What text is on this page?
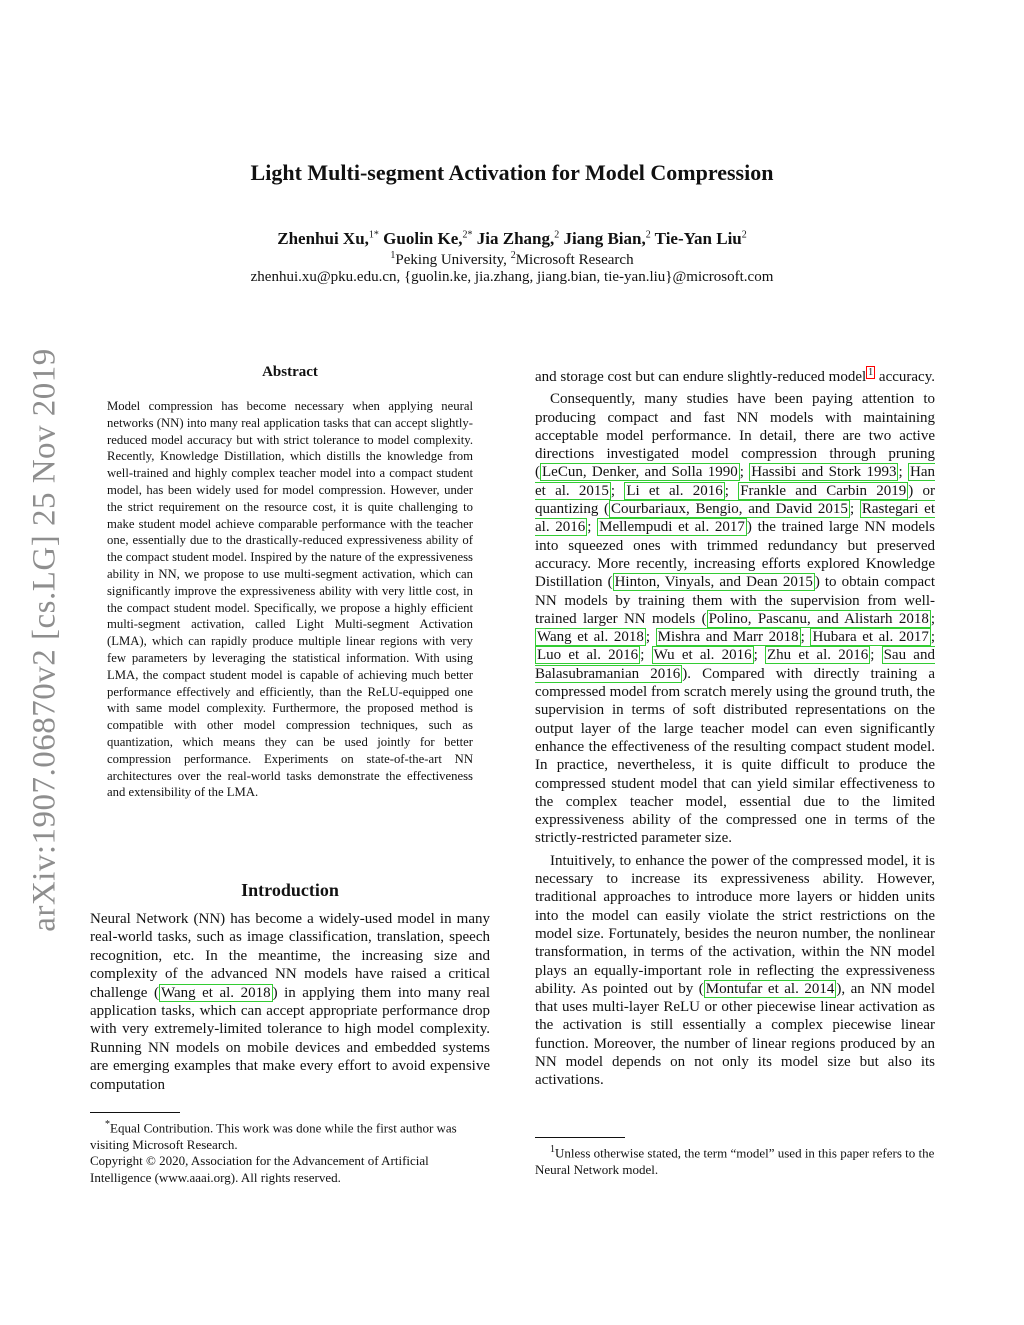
arXiv:1907.06870v2 [cs.LG] 25 Nov 2019
Light Multi-segment Activation for Model Compression
Zhenhui Xu,$^{1*}$ Guolin Ke,$^{2*}$ Jia Zhang,$^2$ Jiang Bian,$^2$ Tie-Yan Liu$^2$
$^1$Peking University, $^2$Microsoft Research
zhenhui.xu@pku.edu.cn, {guolin.ke, jia.zhang, jiang.bian, tie-yan.liu}@microsoft.com
Abstract
Model compression has become necessary when applying neural networks (NN) into many real application tasks that can accept slightly-reduced model accuracy but with strict tolerance to model complexity. Recently, Knowledge Distillation, which distills the knowledge from well-trained and highly complex teacher model into a compact student model, has been widely used for model compression. However, under the strict requirement on the resource cost, it is quite challenging to make student model achieve comparable performance with the teacher one, essentially due to the drastically-reduced expressiveness ability of the compact student model. Inspired by the nature of the expressiveness ability in NN, we propose to use multi-segment activation, which can significantly improve the expressiveness ability with very little cost, in the compact student model. Specifically, we propose a highly efficient multi-segment activation, called Light Multi-segment Activation (LMA), which can rapidly produce multiple linear regions with very few parameters by leveraging the statistical information. With using LMA, the compact student model is capable of achieving much better performance effectively and efficiently, than the ReLU-equipped one with same model complexity. Furthermore, the proposed method is compatible with other model compression techniques, such as quantization, which means they can be used jointly for better compression performance. Experiments on state-of-the-art NN architectures over the real-world tasks demonstrate the effectiveness and extensibility of the LMA.
Introduction
Neural Network (NN) has become a widely-used model in many real-world tasks, such as image classification, translation, speech recognition, etc. In the meantime, the increasing size and complexity of the advanced NN models have raised a critical challenge ( Wang et al. 2018 ) in applying them into many real application tasks, which can accept appropriate performance drop with very extremely-limited tolerance to high model complexity. Running NN models on mobile devices and embedded systems are emerging examples that make every effort to avoid expensive computation

*Equal Contribution. This work was done while the first author was visiting Microsoft Research.

Copyright © 2020, Association for the Advancement of Artificial Intelligence (www.aaai.org). All rights reserved.

and storage cost but can endure slightly-reduced model $^1$ accuracy.

Consequently, many studies have been paying attention to producing compact and fast NN models with maintaining acceptable model performance. In detail, there are two active directions investigated model compression through pruning ( LeCun, Denker, and Solla 1990 ; Hassibi and Stork 1993 ; Han et al. 2015 ; Li et al. 2016 ; Frankle and Carbin 2019 ) or quantizing ( Courbariaux, Bengio, and David 2015 ; Rastegari et al. 2016 ; Mellempudi et al. 2017 ) the trained large NN models into squeezed ones with trimmed redundancy but preserved accuracy. More recently, increasing efforts explored Knowledge Distillation ( Hinton, Vinyals, and Dean 2015 ) to obtain compact NN models by training them with the supervision from well-trained larger NN models ( Polino, Pascanu, and Alistarh 2018 ; Wang et al. 2018 ; Mishra and Marr 2018 ; Hubara et al. 2017 ; Luo et al. 2016 ; Wu et al. 2016 ; Zhu et al. 2016 ; Sau and Balasubramanian 2016 ). Compared with directly training a compressed model from scratch merely using the ground truth, the supervision in terms of soft distributed representations on the output layer of the large teacher model can even significantly enhance the effectiveness of the resulting compact student model. In practice, nevertheless, it is quite difficult to produce the compressed student model that can yield similar effectiveness to the complex teacher model, essential due to the limited expressiveness ability of the compressed one in terms of the strictly-restricted parameter size.

Intuitively, to enhance the power of the compressed model, it is necessary to increase its expressiveness ability. However, traditional approaches to introduce more layers or hidden units into the model can easily violate the strict restrictions on the model size. Fortunately, besides the neuron number, the nonlinear transformation, in terms of the activation, within the NN model plays an equally-important role in reflecting the expressiveness ability. As pointed out by ( Montufar et al. 2014 ), an NN model that uses multi-layer ReLU or other piecewise linear activation as the activation is still essentially a complex piecewise linear function. Moreover, the number of linear regions produced by an NN model depends on not only its model size but also its activations.

$^1$Unless otherwise stated, the term “model” used in this paper refers to the Neural Network model.
